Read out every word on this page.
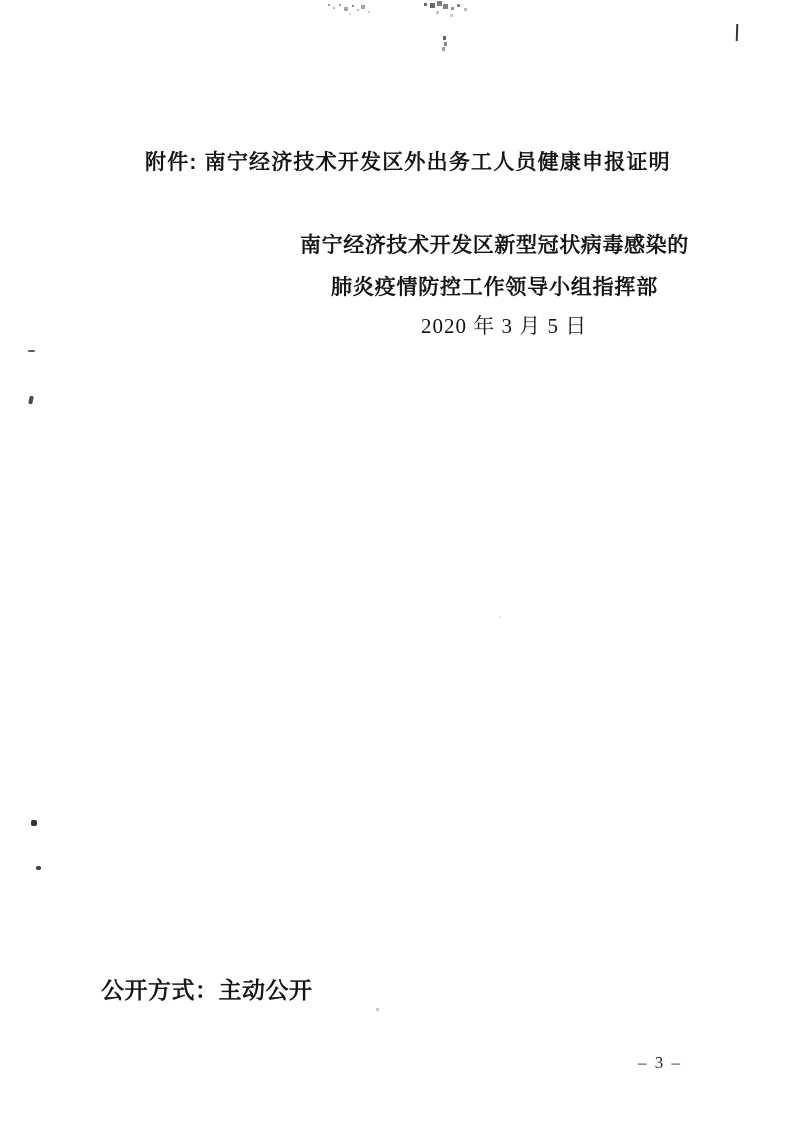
附件: 南宁经济技术开发区外出务工人员健康申报证明
南宁经济技术开发区新型冠状病毒感染的
肺炎疫情防控工作领导小组指挥部
2020 年 3 月 5 日
公开方式：主动公开
– 3 –
